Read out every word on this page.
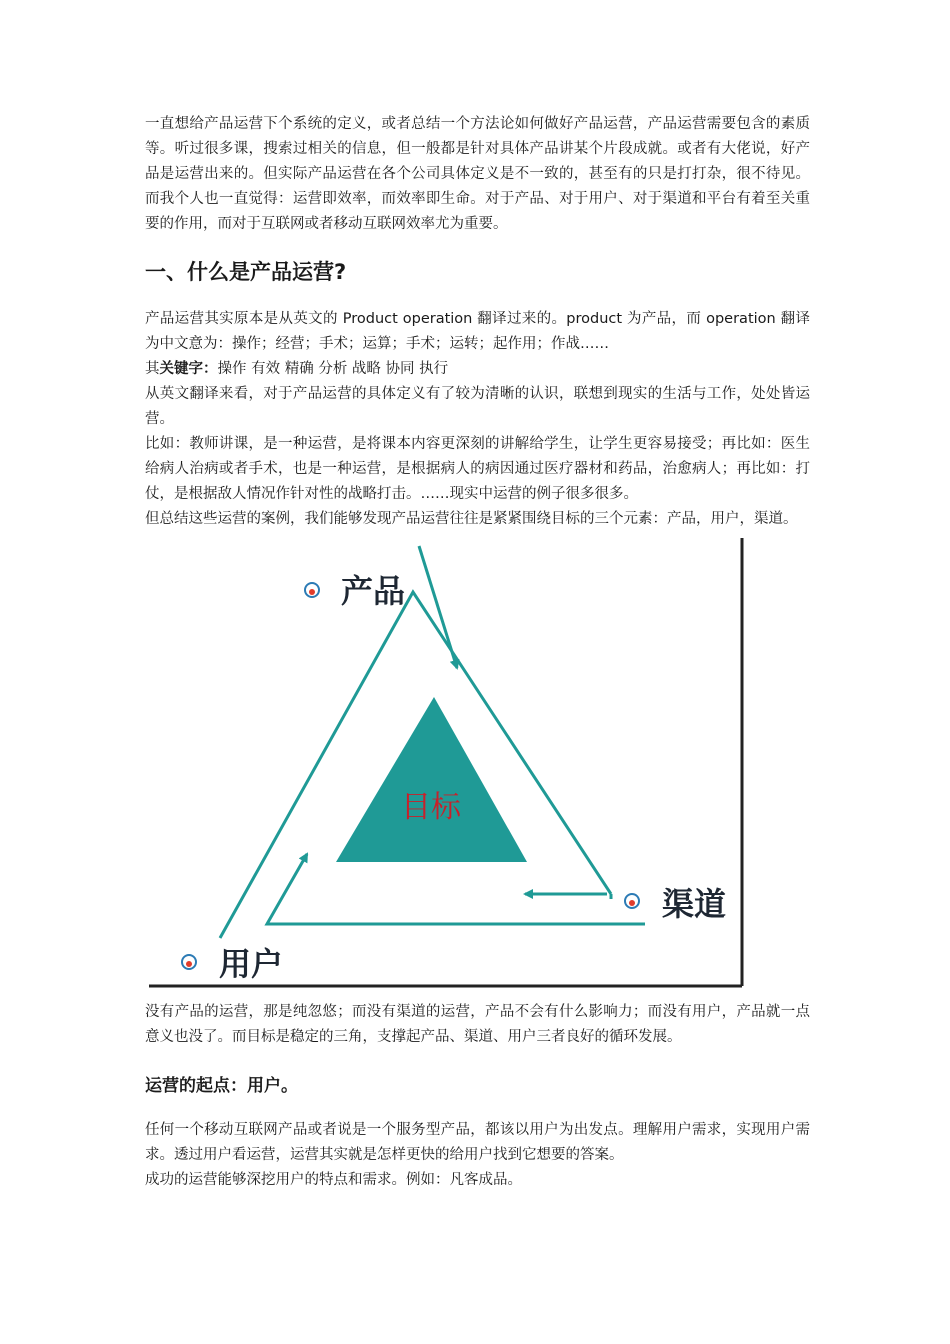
一直想给产品运营下个系统的定义，或者总结一个方法论如何做好产品运营，产品运营需要包含的素质等。听过很多课，搜索过相关的信息，但一般都是针对具体产品讲某个片段成就。或者有大佬说，好产品是运营出来的。但实际产品运营在各个公司具体定义是不一致的，甚至有的只是打打杂，很不待见。而我个人也一直觉得：运营即效率，而效率即生命。对于产品、对于用户、对于渠道和平台有着至关重要的作用，而对于互联网或者移动互联网效率尤为重要。

一、什么是产品运营?

产品运营其实原本是从英文的 Product operation 翻译过来的。product 为产品，而 operation 翻译为中文意为：操作；经营；手术；运算；手术；运转；起作用；作战……

其关键字：操作 有效 精确 分析 战略 协同 执行

从英文翻译来看，对于产品运营的具体定义有了较为清晰的认识，联想到现实的生活与工作，处处皆运营。

比如：教师讲课，是一种运营，是将课本内容更深刻的讲解给学生，让学生更容易接受；再比如：医生给病人治病或者手术，也是一种运营，是根据病人的病因通过医疗器材和药品，治愈病人；再比如：打仗，是根据敌人情况作针对性的战略打击。……现实中运营的例子很多很多。

但总结这些运营的案例，我们能够发现产品运营往往是紧紧围绕目标的三个元素：产品，用户，渠道。

目标
产品
渠道
用户

没有产品的运营，那是纯忽悠；而没有渠道的运营，产品不会有什么影响力；而没有用户，产品就一点意义也没了。而目标是稳定的三角，支撑起产品、渠道、用户三者良好的循环发展。

运营的起点：用户。

任何一个移动互联网产品或者说是一个服务型产品，都该以用户为出发点。理解用户需求，实现用户需求。透过用户看运营，运营其实就是怎样更快的给用户找到它想要的答案。

成功的运营能够深挖用户的特点和需求。例如：凡客成品。
